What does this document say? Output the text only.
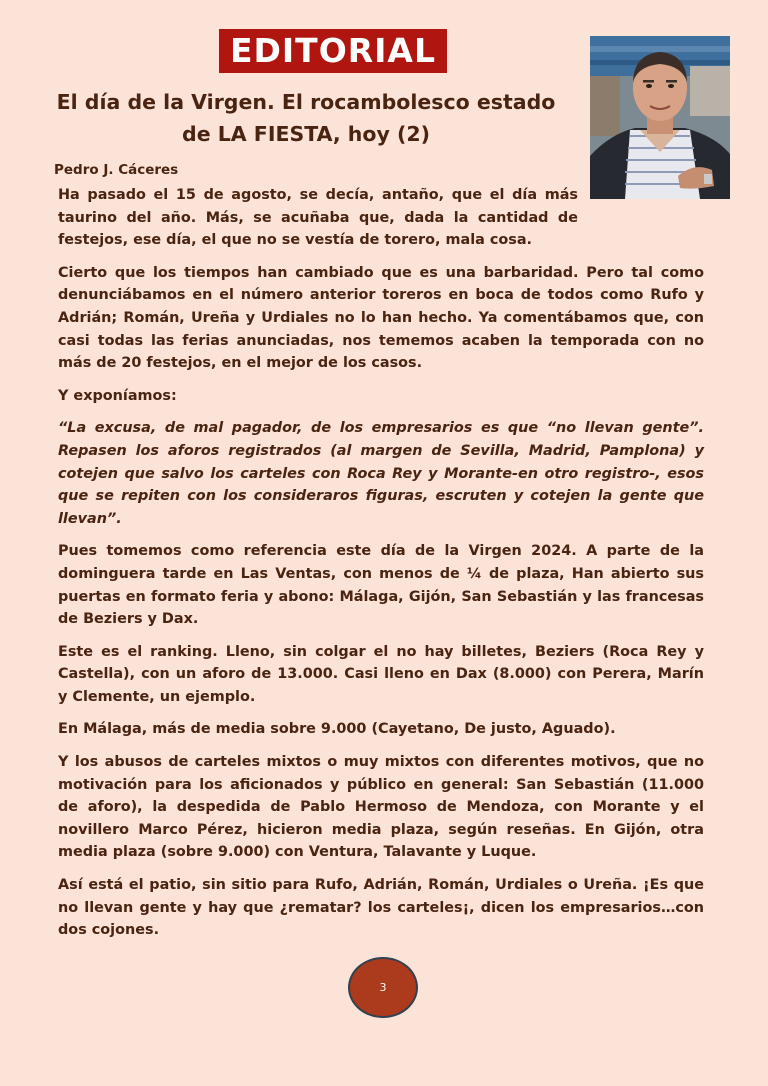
EDITORIAL
El día de la Virgen. El rocambolesco estado de LA FIESTA, hoy (2)
Pedro J. Cáceres

Ha pasado el 15 de agosto, se decía, antaño, que el día más taurino del año. Más, se acuñaba que, dada la cantidad de festejos, ese día, el que no se vestía de torero, mala cosa.

Cierto que los tiempos han cambiado que es una barbaridad. Pero tal como denunciábamos en el número anterior toreros en boca de todos como Rufo y Adrián; Román, Ureña y Urdiales no lo han hecho. Ya comentábamos que, con casi todas las ferias anunciadas, nos tememos acaben la temporada con no más de 20 festejos, en el mejor de los casos.

Y exponíamos:

“La excusa, de mal pagador, de los empresarios es que “no llevan gente”. Repasen los aforos registrados (al margen de Sevilla, Madrid, Pamplona) y cotejen que salvo los carteles con Roca Rey y Morante-en otro registro-, esos que se repiten con los consideraros figuras, escruten y cotejen la gente que llevan”.

Pues tomemos como referencia este día de la Virgen 2024. A parte de la dominguera tarde en Las Ventas, con menos de ¼ de plaza, Han abierto sus puertas en formato feria y abono: Málaga, Gijón, San Sebastián y las francesas de Beziers y Dax.

Este es el ranking. Lleno, sin colgar el no hay billetes, Beziers (Roca Rey y Castella), con un aforo de 13.000. Casi lleno en Dax (8.000) con Perera, Marín y Clemente, un ejemplo.

En Málaga, más de media sobre 9.000 (Cayetano, De justo, Aguado).

Y los abusos de carteles mixtos o muy mixtos con diferentes motivos, que no motivación para los aficionados y público en general: San Sebastián (11.000 de aforo), la despedida de Pablo Hermoso de Mendoza, con Morante y el novillero Marco Pérez, hicieron media plaza, según reseñas. En Gijón, otra media plaza (sobre 9.000) con Ventura, Talavante y Luque.

Así está el patio, sin sitio para Rufo, Adrián, Román, Urdiales o Ureña. ¡Es que no llevan gente y hay que ¿rematar? los carteles¡, dicen los empresarios…con dos cojones.

3
